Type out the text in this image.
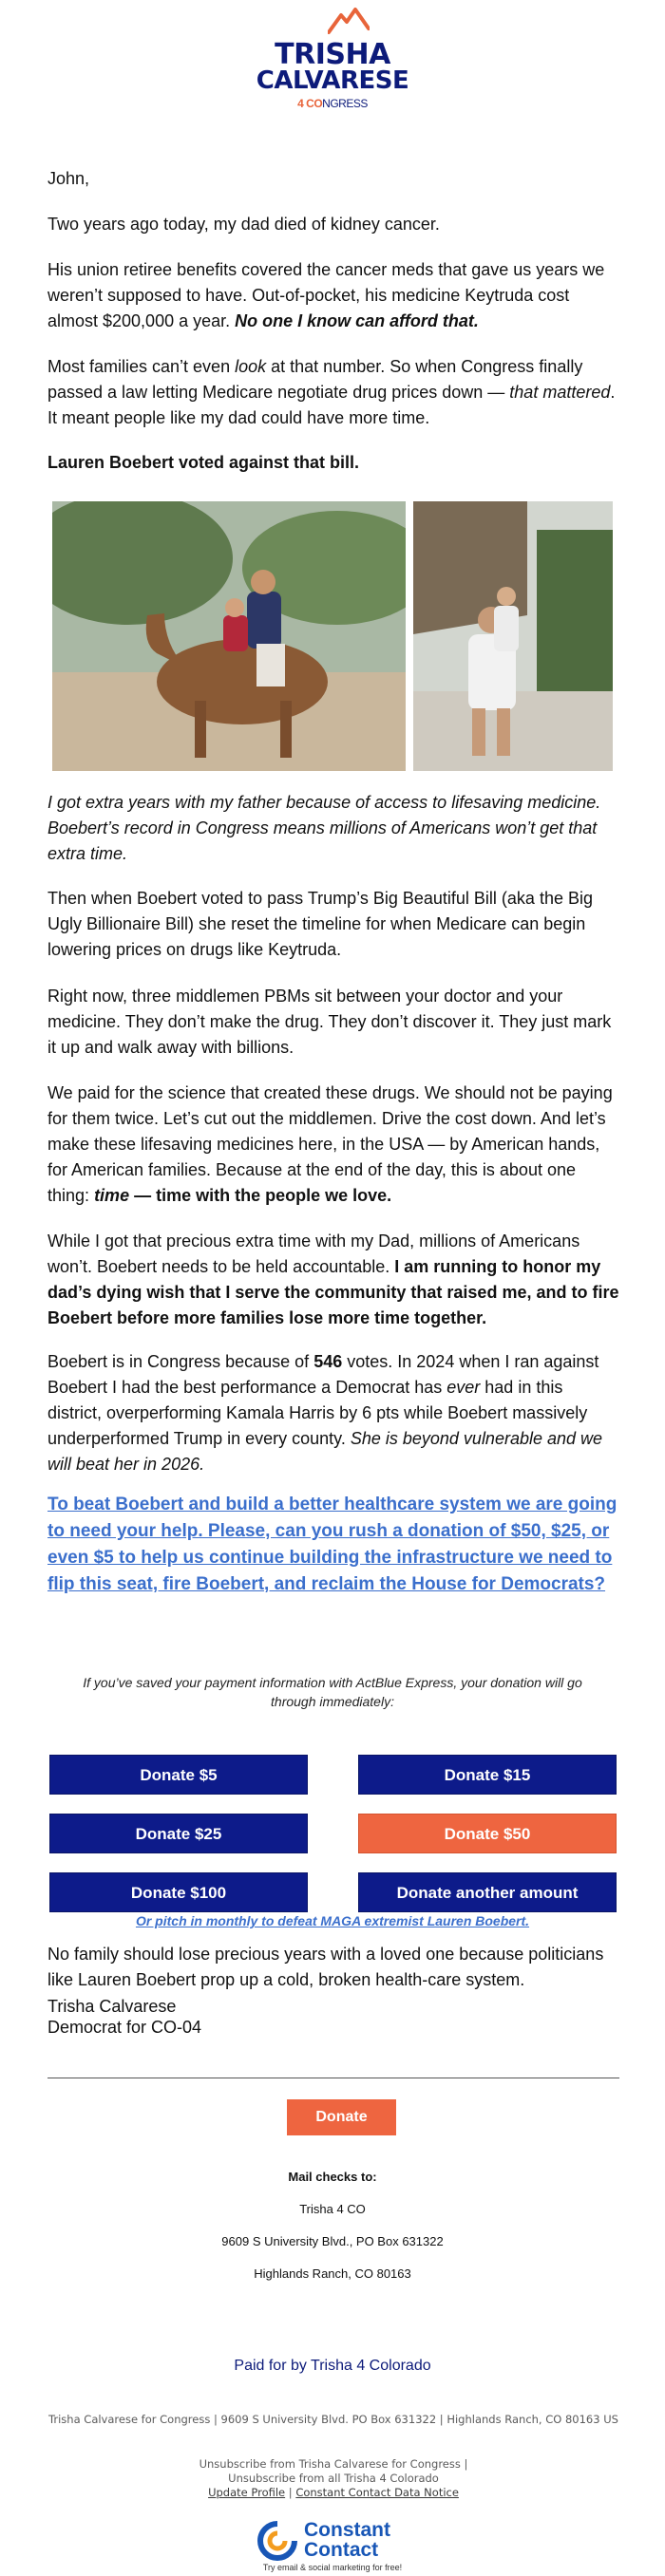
TRISHA
CALVARESE
4 CONGRESS

John,

Two years ago today, my dad died of kidney cancer.

His union retiree benefits covered the cancer meds that gave us years we weren’t supposed to have. Out-of-pocket, his medicine Keytruda cost almost $200,000 a year. No one I know can afford that.

Most families can’t even look at that number. So when Congress finally passed a law letting Medicare negotiate drug prices down — that mattered. It meant people like my dad could have more time.

Lauren Boebert voted against that bill.

I got extra years with my father because of access to lifesaving medicine. Boebert’s record in Congress means millions of Americans won’t get that extra time.

Then when Boebert voted to pass Trump’s Big Beautiful Bill (aka the Big Ugly Billionaire Bill) she reset the timeline for when Medicare can begin lowering prices on drugs like Keytruda.

Right now, three middlemen PBMs sit between your doctor and your medicine. They don’t make the drug. They don’t discover it. They just mark it up and walk away with billions.

We paid for the science that created these drugs. We should not be paying for them twice. Let’s cut out the middlemen. Drive the cost down. And let’s make these lifesaving medicines here, in the USA — by American hands, for American families. Because at the end of the day, this is about one thing: time — time with the people we love.

While I got that precious extra time with my Dad, millions of Americans won’t. Boebert needs to be held accountable. I am running to honor my dad’s dying wish that I serve the community that raised me, and to fire Boebert before more families lose more time together.

Boebert is in Congress because of 546 votes. In 2024 when I ran against Boebert I had the best performance a Democrat has ever had in this district, overperforming Kamala Harris by 6 pts while Boebert massively underperformed Trump in every county. She is beyond vulnerable and we will beat her in 2026.

To beat Boebert and build a better healthcare system we are going to need your help. Please, can you rush a donation of $50, $25, or even $5 to help us continue building the infrastructure we need to flip this seat, fire Boebert, and reclaim the House for Democrats?

No family should lose precious years with a loved one because politicians like Lauren Boebert prop up a cold, broken health-care system.

Trisha Calvarese

Democrat for CO-04

If you’ve saved your payment information with ActBlue Express, your donation will go through immediately:
Donate $5	Donate $15
Donate $25	Donate $50
Donate $100	Donate another amount
Or pitch in monthly to defeat MAGA extremist Lauren Boebert.
Donate
Mail checks to:
Trisha 4 CO
9609 S University Blvd., PO Box 631322
Highlands Ranch, CO 80163
Paid for by Trisha 4 Colorado
Trisha Calvarese for Congress | 9609 S University Blvd. PO Box 631322 | Highlands Ranch, CO 80163 US
Unsubscribe from Trisha Calvarese for Congress |
Unsubscribe from all Trisha 4 Colorado
Update Profile | Constant Contact Data Notice
Constant
Contact
Try email & social marketing for free!
